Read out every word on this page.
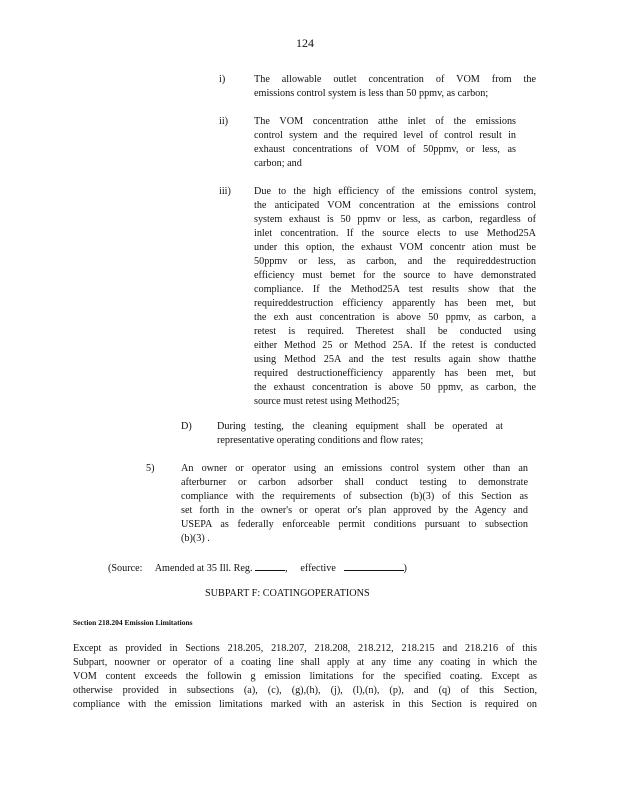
124
i)	The allowable outlet concentration of VOM from the
emissions control system is less than 50 ppmv, as carbon;
ii)	The VOM concentration atthe inlet of the emissions
control system and the required level of control result in
exhaust concentrations of VOM of 50ppmv, or less, as
carbon; and
iii) Due to the high efficiency of the emissions control system,
the anticipated VOM concentration at the emissions control
system exhaust is 50 ppmv or less, as carbon, regardless of
inlet concentration. If the source elects to use Method25A
under this option, the exhaust VOM concentr ation must be
50ppmv or less, as carbon, and the requireddestruction
efficiency must bemet for the source to have demonstrated
compliance. If the Method25A test results show that the
requireddestruction efficiency apparently has been met, but
the exh aust concentration is above 50 ppmv, as carbon, a
retest is required. Theretest shall be conducted using
either Method 25 or Method 25A. If the retest is conducted
using Method 25A and the test results again show thatthe
required destructionefficiency apparently has been met, but
the exhaust concentration is above 50 ppmv, as carbon, the
source must retest using Method25;
D) During testing, the cleaning equipment shall be operated at
representative operating conditions and flow rates;
5)	An owner or operator using an emissions control system other than an
afterburner or carbon adsorber shall conduct testing to demonstrate
compliance with the requirements of subsection (b)(3) of this Section as
set forth in the owner's or operat or's plan approved by the Agency and
USEPA as federally enforceable permit conditions pursuant to subsection
(b)(3) .
(Source: Amended at 35 Ill. Reg.	,     effective	)
SUBPART F: COATINGOPERATIONS
Section 218.204 Emission Limitations
Except as provided in Sections 218.205, 218.207, 218.208, 218.212, 218.215 and 218.216 of this
Subpart, noowner or operator of a coating line shall apply at any time any coating in which the
VOM content exceeds the followin g emission limitations for the specified coating. Except as
otherwise provided in subsections (a), (c), (g),(h), (j), (l),(n), (p), and (q) of this Section,
compliance with the emission limitations marked with an asterisk in this Section is required on
